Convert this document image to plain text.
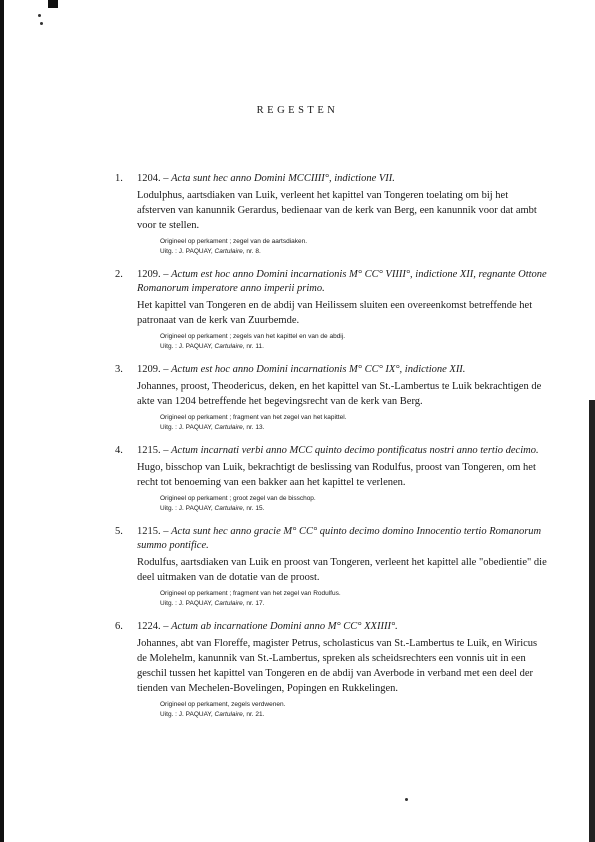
REGESTEN
1. 1204. – Acta sunt hec anno Domini MCCIIII°, indictione VII.
Lodulphus, aartsdiaken van Luik, verleent het kapittel van Tongeren toelating om bij het afsterven van kanunnik Gerardus, bedienaar van de kerk van Berg, een kanunnik voor dat ambt voor te stellen.
Origineel op perkament ; zegel van de aartsdiaken.
Uitg. : J. PAQUAY, Cartulaire, nr. 8.
2. 1209. – Actum est hoc anno Domini incarnationis M° CC° VIIII°, indictione XII, regnante Ottone Romanorum imperatore anno imperii primo.
Het kapittel van Tongeren en de abdij van Heilissem sluiten een overeenkomst betreffende het patronaat van de kerk van Zuurbemde.
Origineel op perkament ; zegels van het kapittel en van de abdij.
Uitg. : J. PAQUAY, Cartulaire, nr. 11.
3. 1209. – Actum est hoc anno Domini incarnationis M° CC° IX°, indictione XII.
Johannes, proost, Theodericus, deken, en het kapittel van St.-Lambertus te Luik bekrachtigen de akte van 1204 betreffende het begevingsrecht van de kerk van Berg.
Origineel op perkament ; fragment van het zegel van het kapittel.
Uitg. : J. PAQUAY, Cartulaire, nr. 13.
4. 1215. – Actum incarnati verbi anno MCC quinto decimo pontificatus nostri anno tertio decimo.
Hugo, bisschop van Luik, bekrachtigt de beslissing van Rodulfus, proost van Tongeren, om het recht tot benoeming van een bakker aan het kapittel te verlenen.
Origineel op perkament ; groot zegel van de bisschop.
Uitg. : J. PAQUAY, Cartulaire, nr. 15.
5. 1215. – Acta sunt hec anno gracie M° CC° quinto decimo domino Innocentio tertio Romanorum summo pontifice.
Rodulfus, aartsdiaken van Luik en proost van Tongeren, verleent het kapittel alle "obedientie" die deel uitmaken van de dotatie van de proost.
Origineel op perkament ; fragment van het zegel van Rodulfus.
Uitg. : J. PAQUAY, Cartulaire, nr. 17.
6. 1224. – Actum ab incarnatione Domini anno M° CC° XXIIII°.
Johannes, abt van Floreffe, magister Petrus, scholasticus van St.-Lambertus te Luik, en Wiricus de Molehelm, kanunnik van St.-Lambertus, spreken als scheidsrechters een vonnis uit in een geschil tussen het kapittel van Tongeren en de abdij van Averbode in verband met een deel der tienden van Mechelen-Bovelingen, Popingen en Rukkelingen.
Origineel op perkament, zegels verdwenen.
Uitg. : J. PAQUAY, Cartulaire, nr. 21.
